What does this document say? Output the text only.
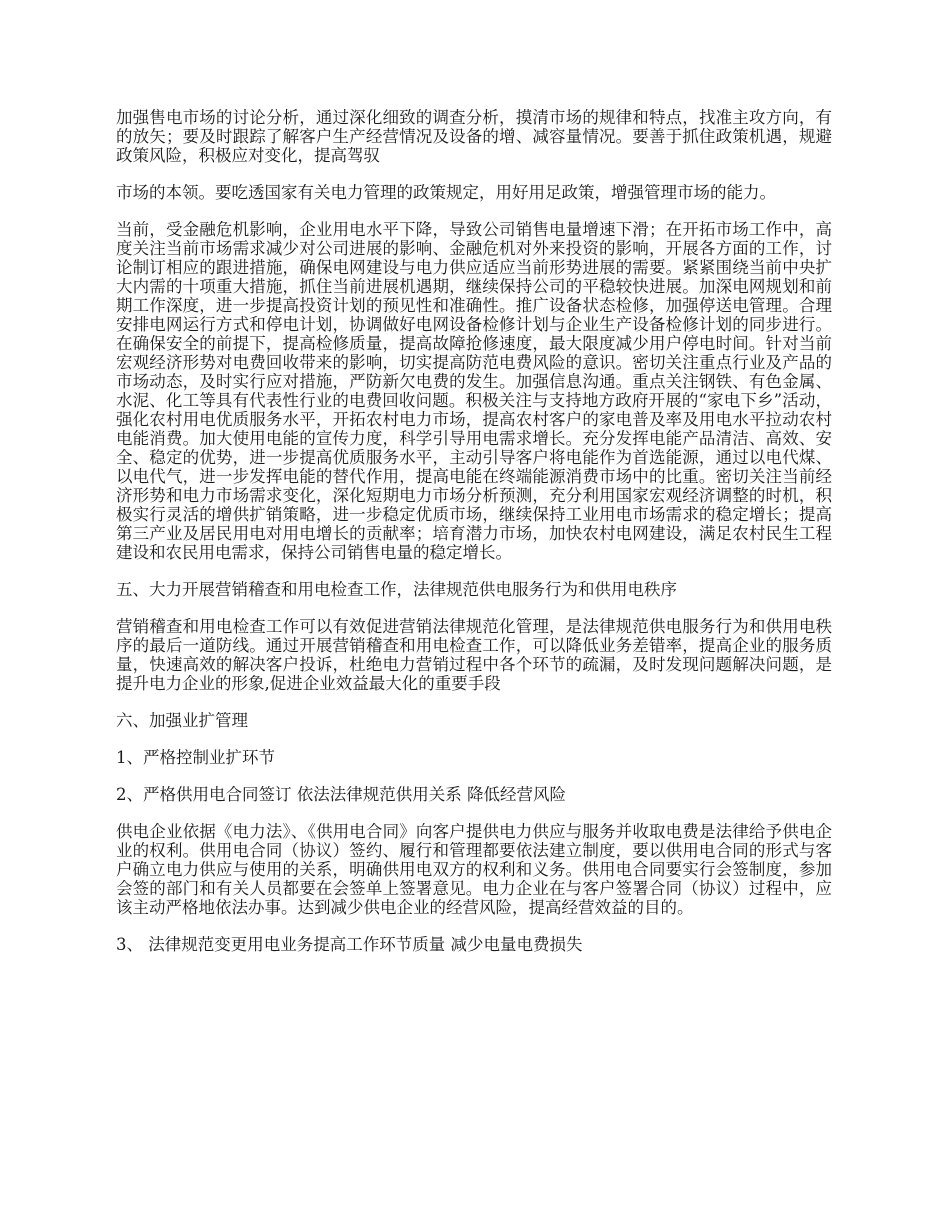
加强售电市场的讨论分析，通过深化细致的调查分析，摸清市场的规律和特点，找准主攻方向，有的放矢；要及时跟踪了解客户生产经营情况及设备的增、减容量情况。要善于抓住政策机遇，规避政策风险，积极应对变化，提高驾驭

市场的本领。要吃透国家有关电力管理的政策规定，用好用足政策，增强管理市场的能力。

当前，受金融危机影响，企业用电水平下降，导致公司销售电量增速下滑；在开拓市场工作中，高度关注当前市场需求减少对公司进展的影响、金融危机对外来投资的影响，开展各方面的工作，讨论制订相应的跟进措施，确保电网建设与电力供应适应当前形势进展的需要。紧紧围绕当前中央扩大内需的十项重大措施，抓住当前进展机遇期，继续保持公司的平稳较快进展。加深电网规划和前期工作深度，进一步提高投资计划的预见性和准确性。推广设备状态检修，加强停送电管理。合理安排电网运行方式和停电计划，协调做好电网设备检修计划与企业生产设备检修计划的同步进行。在确保安全的前提下，提高检修质量，提高故障抢修速度，最大限度减少用户停电时间。针对当前宏观经济形势对电费回收带来的影响，切实提高防范电费风险的意识。密切关注重点行业及产品的市场动态，及时实行应对措施，严防新欠电费的发生。加强信息沟通。重点关注钢铁、有色金属、水泥、化工等具有代表性行业的电费回收问题。积极关注与支持地方政府开展的“家电下乡”活动，强化农村用电优质服务水平，开拓农村电力市场，提高农村客户的家电普及率及用电水平拉动农村电能消费。加大使用电能的宣传力度，科学引导用电需求增长。充分发挥电能产品清洁、高效、安全、稳定的优势，进一步提高优质服务水平，主动引导客户将电能作为首选能源，通过以电代煤、以电代气，进一步发挥电能的替代作用，提高电能在终端能源消费市场中的比重。密切关注当前经济形势和电力市场需求变化，深化短期电力市场分析预测，充分利用国家宏观经济调整的时机，积极实行灵活的增供扩销策略，进一步稳定优质市场，继续保持工业用电市场需求的稳定增长；提高第三产业及居民用电对用电增长的贡献率；培育潜力市场，加快农村电网建设，满足农村民生工程建设和农民用电需求，保持公司销售电量的稳定增长。

五、大力开展营销稽查和用电检查工作，法律规范供电服务行为和供用电秩序

营销稽查和用电检查工作可以有效促进营销法律规范化管理，是法律规范供电服务行为和供用电秩序的最后一道防线。通过开展营销稽查和用电检查工作，可以降低业务差错率，提高企业的服务质量，快速高效的解决客户投诉，杜绝电力营销过程中各个环节的疏漏，及时发现问题解决问题，是提升电力企业的形象,促进企业效益最大化的重要手段

六、加强业扩管理

1、严格控制业扩环节

2、严格供用电合同签订 依法法律规范供用关系 降低经营风险

供电企业依据《电力法》、《供用电合同》向客户提供电力供应与服务并收取电费是法律给予供电企业的权利。供用电合同（协议）签约、履行和管理都要依法建立制度，要以供用电合同的形式与客户确立电力供应与使用的关系，明确供用电双方的权利和义务。供用电合同要实行会签制度，参加会签的部门和有关人员都要在会签单上签署意见。电力企业在与客户签署合同（协议）过程中，应该主动严格地依法办事。达到减少供电企业的经营风险，提高经营效益的目的。

3、 法律规范变更用电业务提高工作环节质量 减少电量电费损失
